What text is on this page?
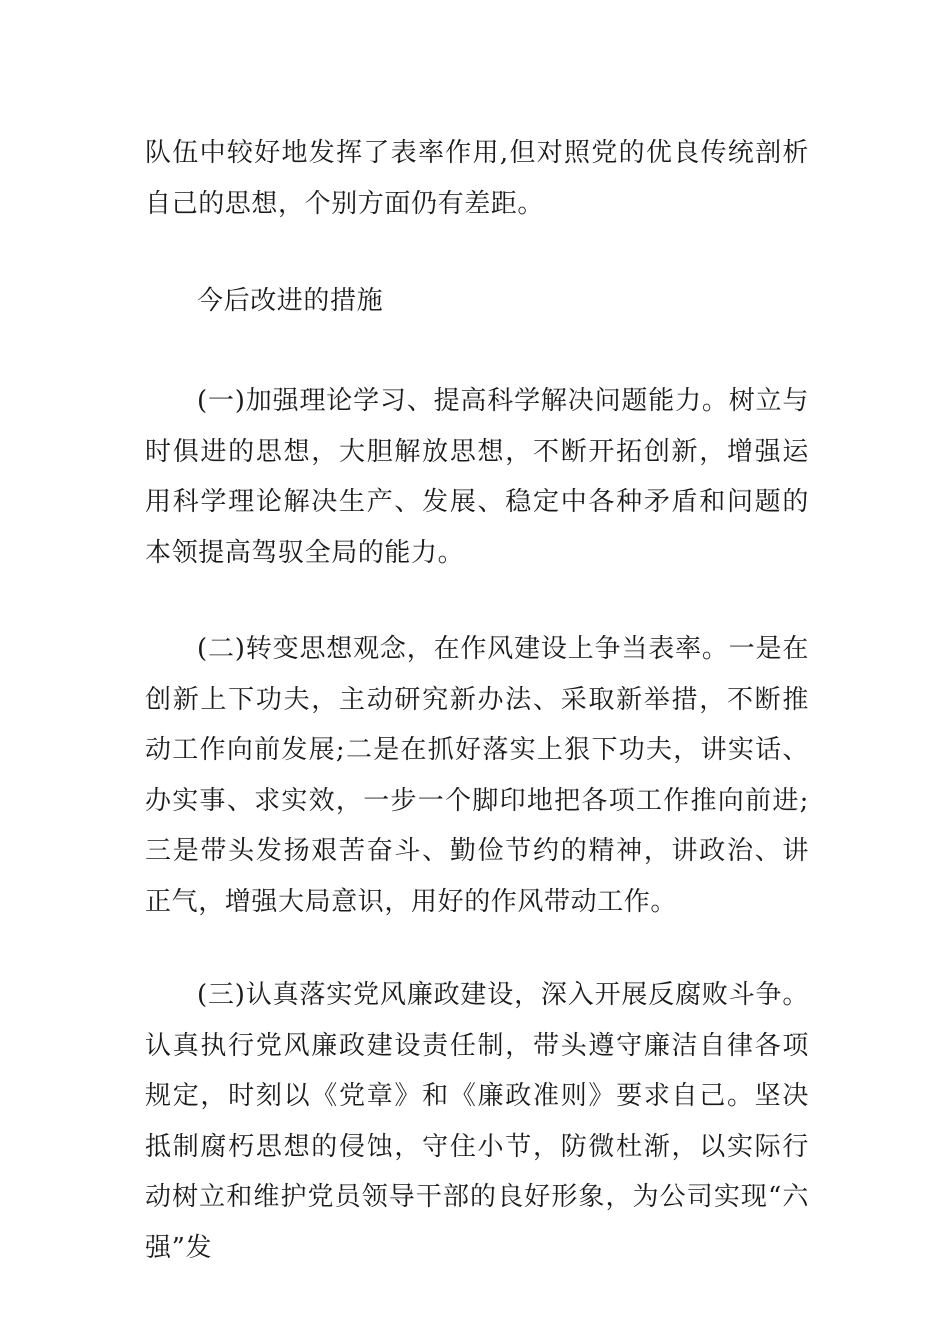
队伍中较好地发挥了表率作用,但对照党的优良传统剖析自己的思想，个别方面仍有差距。

今后改进的措施

(一)加强理论学习、提高科学解决问题能力。树立与时俱进的思想，大胆解放思想，不断开拓创新，增强运用科学理论解决生产、发展、稳定中各种矛盾和问题的本领提高驾驭全局的能力。

(二)转变思想观念，在作风建设上争当表率。一是在创新上下功夫，主动研究新办法、采取新举措，不断推动工作向前发展;二是在抓好落实上狠下功夫，讲实话、办实事、求实效，一步一个脚印地把各项工作推向前进;三是带头发扬艰苦奋斗、勤俭节约的精神，讲政治、讲正气，增强大局意识，用好的作风带动工作。

(三)认真落实党风廉政建设，深入开展反腐败斗争。认真执行党风廉政建设责任制，带头遵守廉洁自律各项规定，时刻以《党章》和《廉政准则》要求自己。坚决抵制腐朽思想的侵蚀，守住小节，防微杜渐，以实际行动树立和维护党员领导干部的良好形象，为公司实现“六强”发
